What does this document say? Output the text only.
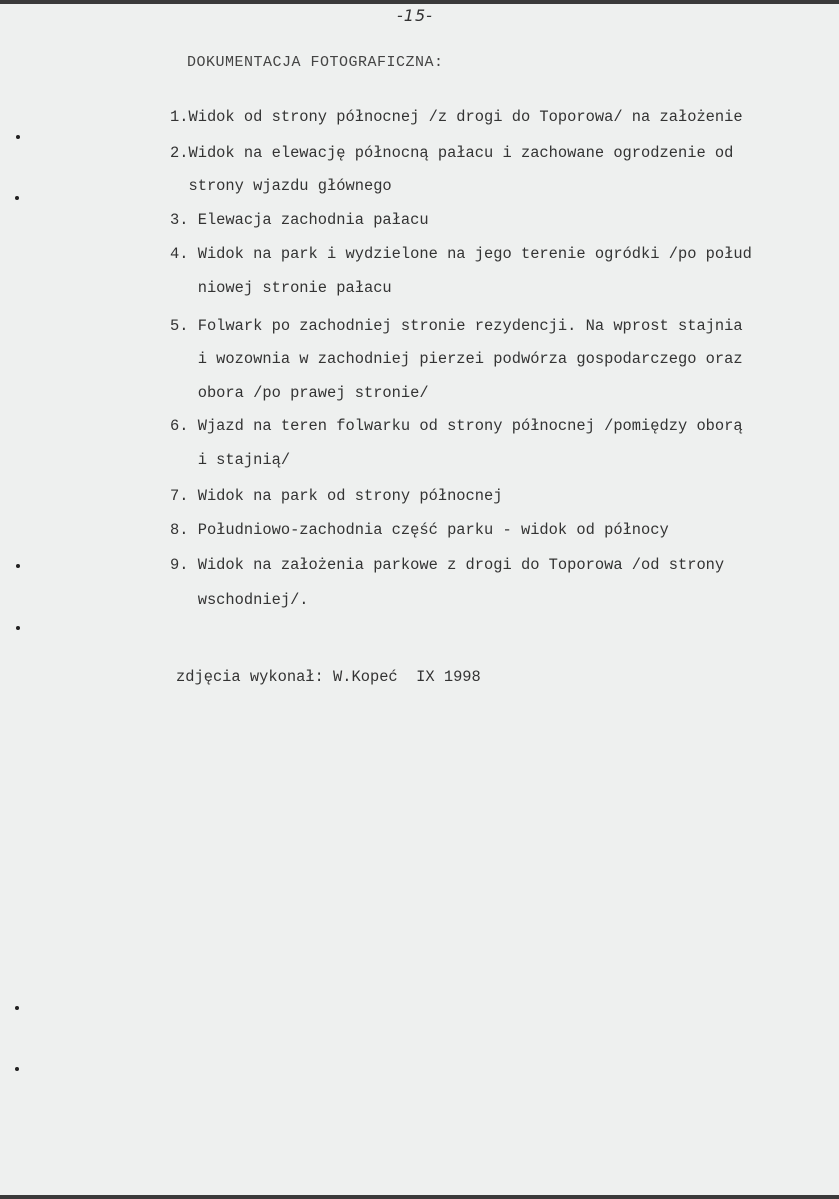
-15-
DOKUMENTACJA FOTOGRAFICZNA:
1.Widok od strony północnej /z drogi do Toporowa/ na założenie
2.Widok na elewację północną pałacu i zachowane ogrodzenie od
strony wjazdu głównego
3. Elewacja zachodnia pałacu
4. Widok na park i wydzielone na jego terenie ogródki /po połud
niowej stronie pałacu
5. Folwark po zachodniej stronie rezydencji. Na wprost stajnia
i wozownia w zachodniej pierzei podwórza gospodarczego oraz
obora /po prawej stronie/
6. Wjazd na teren folwarku od strony północnej /pomiędzy oborą
i stajnią/
7. Widok na park od strony północnej
8. Południowo-zachodnia część parku - widok od północy
9. Widok na założenia parkowe z drogi do Toporowa /od strony
wschodniej/.
zdjęcia wykonał: W.Kopeć  IX 1998
